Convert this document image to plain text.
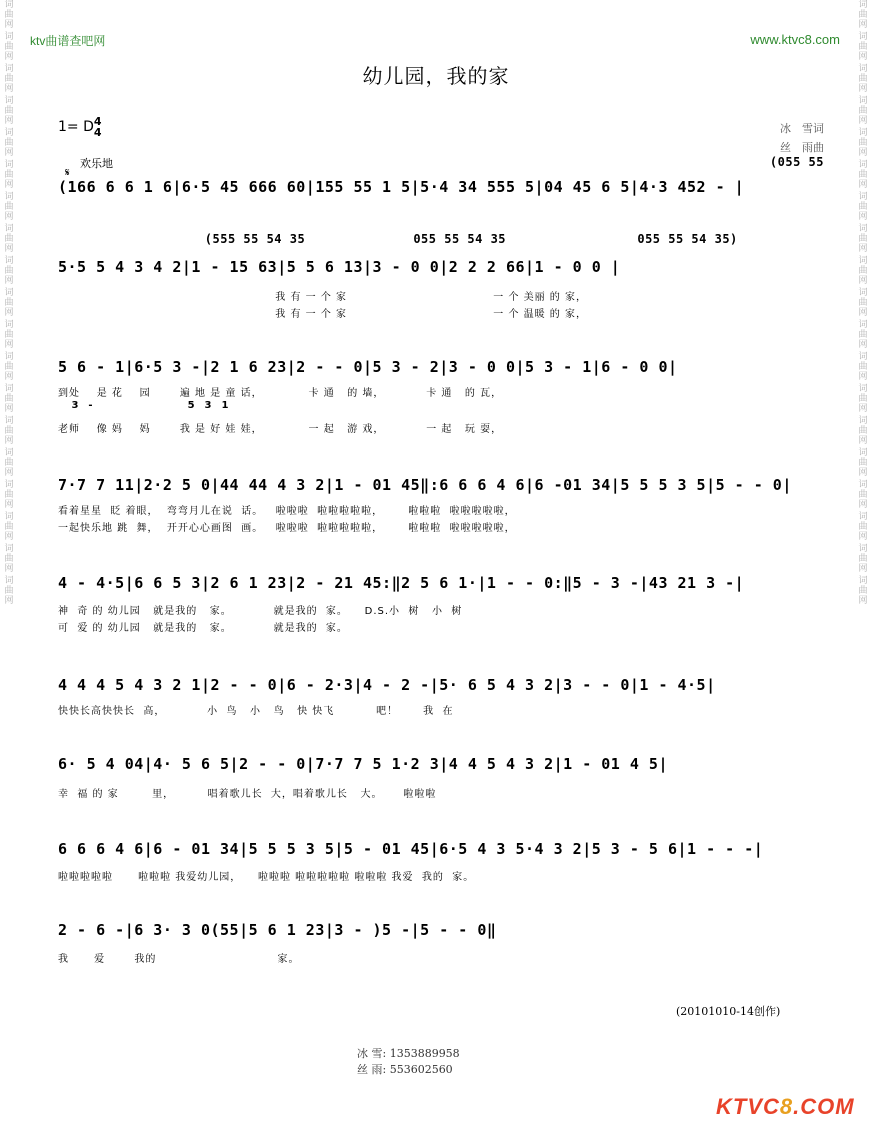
词
曲
网
词
曲
网
词
曲
网
词
曲
网
词
曲
网
词
曲
网
词
曲
网
词
曲
网
词
曲
网
词
曲
网
词
曲
网
词
曲
网
词
曲
网
词
曲
网
词
曲
网
词
曲
网
词
曲
网
词
曲
网
词
曲
网
词
曲
网
词
曲
网
词
曲
网
词
曲
网
词
曲
网
词
曲
网
词
曲
网
词
曲
网
词
曲
网
词
曲
网
词
曲
网
词
曲
网
词
曲
网
词
曲
网
词
曲
网
词
曲
网
词
曲
网
词
曲
网
词
曲
网
ktv曲谱查吧网	www.ktvc8.com
幼儿园，我的家
1= D4
4	冰　雪词
丝　雨曲
(055 55
欢乐地
𝄋
(166 6 6 1 6|6·5 45 666 60|155 55 1 5|5·4 34 555 5|04 45 6 5|4·3 452 - |
(555 55 54 35              055 55 54 35                 055 55 54 35)
5·5 5 4 3 4 2|1 - 15 63|5 5 6 13|3 - 0 0|2 2 2 66|1 - 0 0 |
我 有 一 个 家                                   一 个 美丽 的 家，
我 有 一 个 家                                   一 个 温暖 的 家，
5 6 - 1|6·5 3 -|2 1 6 23|2 - - 0|5 3 - 2|3 - 0 0|5 3 - 1|6 - 0 0|
到处    是 花    园       遍 地 是 童 话，           卡 通   的 墙，          卡 通   的 瓦，
3  -                     5  3  1
老师    像 妈    妈       我 是 好 娃 娃，           一 起   游 戏，          一 起   玩 耍，
7·7 7 11|2·2 5 0|44 44 4 3 2|1 - 01 45‖:6 6 6 4 6|6 -01 34|5 5 5 3 5|5 - - 0|
看着星星  眨 着眼，  弯弯月儿在说  话。   啦啦啦  啦啦啦啦啦，      啦啦啦  啦啦啦啦啦，
一起快乐地 跳  舞，  开开心心画图  画。   啦啦啦  啦啦啦啦啦，      啦啦啦  啦啦啦啦啦，
4 - 4·5|6 6 5 3|2 6 1 23|2 - 21 45:‖2 5 6 1·|1 - - 0:‖5 - 3 -|43 21 3 -|
神  奇 的 幼儿园   就是我的   家。          就是我的  家。    D.S.小  树   小  树
可  爱 的 幼儿园   就是我的   家。          就是我的  家。
4 4 4 5 4 3 2 1|2 - - 0|6 - 2·3|4 - 2 -|5· 6 5 4 3 2|3 - - 0|1 - 4·5|
快快长高快快长  高，          小  鸟   小   鸟   快 快飞          吧！      我  在
6· 5 4 04|4· 5 6 5|2 - - 0|7·7 7 5 1·2 3|4 4 5 4 3 2|1 - 01 4 5|
幸  福 的 家        里，        唱着歌儿长  大，唱着歌儿长   大。     啦啦啦
6 6 6 4 6|6 - 01 34|5 5 5 3 5|5 - 01 45|6·5 4 3 5·4 3 2|5 3 - 5 6|1 - - -|
啦啦啦啦啦      啦啦啦 我爱幼儿园，    啦啦啦 啦啦啦啦啦 啦啦啦 我爱  我的  家。
2 - 6 -|6 3· 3 0(55|5 6 1 23|3 - )5 -|5 - - 0‖
我      爱       我的                             家。
(20101010-14创作)
冰 雪: 1353889958
丝 雨: 553602560
KTVC8.COM
